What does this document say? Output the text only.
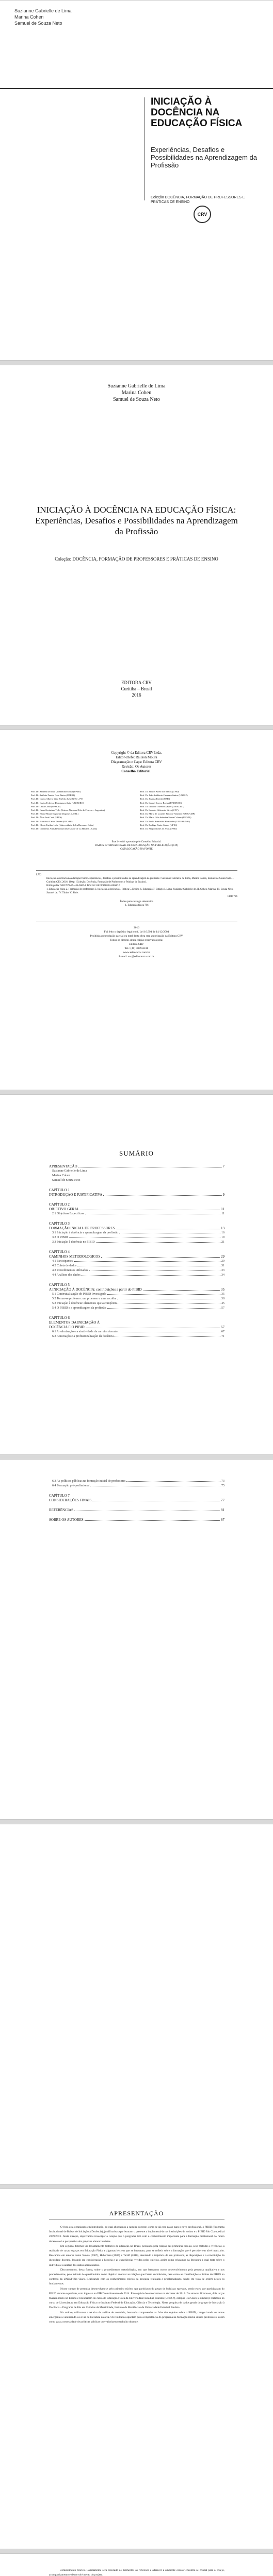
Suzianne Gabrielle de Lima
Marina Cohen
Samuel de Souza Neto
INICIAÇÃO À DOCÊNCIA NA EDUCAÇÃO FÍSICA
Experiências, Desafios e Possibilidades na Aprendizagem da Profissão
Coleção DOCÊNCIA, FORMAÇÃO DE PROFESSORES E PRÁTICAS DE ENSINO
CRV
Suzianne Gabrielle de Lima
Marina Cohen
Samuel de Souza Neto
INICIAÇÃO À DOCÊNCIA NA EDUCAÇÃO FÍSICA: Experiências, Desafios e Possibilidades na Aprendizagem da Profissão
Coleção: DOCÊNCIA, FORMAÇÃO DE PROFESSORES E PRÁTICAS DE ENSINO
EDITORA CRV
Curitiba – Brasil
2016
Copyright © da Editora CRV Ltda.
Editor-chefe: Railson Moura
Diagramação e Capa: Editora CRV
Revisão: Os Autores
Conselho Editorial:
Prof. Dr. Andréia da Silva Quintanilha Sousa (UNIR)
Prof. Dr. Antônio Pereira Gaio Júnior (UFRRJ)
Prof. Dr. Carlos Alberto Vilar Estêvão (UMINHO – PT)
Prof. Dr. Carlos Federico Dominguez Avila (UNIEURO)
Prof. Dr. Celso Conti (UFSCar)
Prof. Dr. Cesar Gerónimo Tello (Univer. Nacional Três de Febrero – Argentina)
Prof. Dr. Elione Maria Nogueira Diogenes (UFAL)
Prof. Dr. Élsio José Corá (UFFS)
Prof. Dr. Francisco Carlos Duarte (PUC-PR)
Prof. Dr. Gloria Fariñas León (Universidade de La Havana – Cuba)
Prof. Dr. Guillermo Arias Beatón (Universidade de La Havana – Cuba)
Prof. Dr. Jailson Alves dos Santos (UFRJ)
Prof. Dr. João Adalberto Campato Junior (UNESP)
Prof. Dr. Josania Portela (UFPI)
Prof. Dr. Leonel Severo Rocha (UNISINOS)
Prof. Dr. Lídia de Oliveira Xavier (UNIEURO)
Prof. Dr. Lourdes Helena da Silva (UFV)
Prof. Dr. Maria de Lourdes Pinto de Almeida (UNICAMP)
Prof. Dr. Maria Lília Imbiriba Sousa Colares (UFOPA)
Prof. Dr. Paulo Romualdo Hernandes (UNIFAL-MG)
Prof. Dr. Rodrigo Pratte-Santos (UFES)
Prof. Dr. Sérgio Nunes de Jesus (IFRO)
Este livro foi aprovado pelo Conselho Editorial.
DADOS INTERNACIONAIS DE CATALOGAÇÃO NA PUBLICAÇÃO (CIP)
CATALOGAÇÃO NA FONTE
L732
Iniciação à docência na educação física: experiências, desafios e possibilidades na aprendizagem da profissão / Suzianne Gabrielle de Lima, Marina Cohen, Samuel de Souza Neto. – Curitiba: CRV, 2016. 100 p. (Coleção: Docência, Formação de Professores e Práticas de Ensino).
Bibliografia ISBN 978-85-444-0000-0 DOI 10.24824/978854440000.0
1. Educação física 2. Formação de professores 3. Iniciação à docência 4. Prática 5. Ensino 6. Educação 7. Estágio I. Lima, Suzianne Gabrielle de. II. Cohen, Marina. III. Souza Neto, Samuel de. IV. Título. V. Série.
CDU 796
Índice para catálogo sistemático
1. Educação física 796
2016
Foi feito o depósito legal conf. Lei 10.994 de 14/12/2004
Proibida a reprodução parcial ou total desta obra sem autorização da Editora CRV
Todos os direitos desta edição reservados pela:
Editora CRV
Tel.: (41) 3039-6418
www.editoracrv.com.br
E-mail: sac@editoracrv.com.br
SUMÁRIO
APRESENTAÇÃO	7
Suzianne Gabrielle de Lima
Marina Cohen
Samuel de Souza Neto
CAPÍTULO 1
INTRODUÇÃO E JUSTIFICATIVA	9
CAPÍTULO 2
OBJETIVO GERAL	11
2.1 Objetivos Específicos	11
CAPÍTULO 3
FORMAÇÃO INICIAL DE PROFESSORES	13
3.1 Iniciação à docência e aprendizagem da profissão	16
3.2 O PIBID	19
3.3 Iniciação à docência no PIBID	21
CAPÍTULO 4
CAMINHOS METODOLÓGICOS	29
4.1 Participantes	29
4.2 Coleta de dados	31
4.3 Procedimentos utilizados	33
4.4 Análises dos dados	34
CAPÍTULO 5
A INICIAÇÃO À DOCÊNCIA: contribuições a partir do PIBID	35
5.1 Contextualização do PIBID Investigado	35
5.2 Tornar-se professor: um processo e uma escolha	38
5.3 Iniciação à docência: elementos que a compõem	45
5.4 O PIBID e a aprendizagem da profissão	57
CAPÍTULO 6
ELEMENTOS DA INICIAÇÃO À
DOCÊNCIA E O PIBID	67
6.1 A valorização e a atratividade da carreira docente	67
6.2 A iniciação e a profissionalização da docência	71
6.3 As políticas públicas na formação inicial de professores	73
6.4 Formação pré-profissional	75
CAPÍTULO 7
CONSIDERAÇÕES FINAIS	77
REFERÊNCIAS	81
SOBRE OS AUTORES	87
APRESENTAÇÃO

O livro está organizado em introdução, ao qual abordamos a carreira docente, como se dá esse passo para o novo profissional, o PIBID (Programa Institucional de Bolsas de Iniciação à Docência), justificativas que levaram o presente a implementá-la nas instituições de ensino e o PIBID Rio Claro, edital 2009/2013. Nesta direção, objetivamos investigar a relação que o programa tem com o conhecimento importante para a formação profissional do futuro docente sob a perspectiva dos próprios alunos bolsistas.

Em seguida, fizemos um levantamento histórico de educação no Brasil, pensando pela relação das primeiras escolas, seus métodos e vivências, a realidade de casas espaços em Educação Física e algumas leis em que se basearam, para se refletir sobre a formação que é perceber em nível mais alto. Buscamos em autores como Nóvoa (2007), Huberman (2007) e Tardif (2010), atentando a trajetória de um professor, as disposições e a constituição da identidade docente, levando em consideração a história e as experiências vividas pelos sujeitos, assim como relatamos na literatura a qual trata sobre o indivíduo e a análise dos dados apresentados.

Discorreremos, desta forma, sobre o procedimento metodológico, em que baseamos nosso desenvolvimento pela pesquisa qualitativa e nos procedimentos, pelo método de questionários como objetivo analisar as relações que fazem de bolsistas, bem como as contribuições e limites do PIBID no contexto da UNESP-Rio Claro. Realizando com os conhecimento teórico da pesquisa realizada e problematizado, tendo em vista de ordem destes os fundamentos.

Nosso campo de pesquisa desenvolveu-se pelo primeiro núcleo, que participou do grupo de bolsistas egressos, sendo estes que participaram do PIBID durante o período, com ingresso ao PIBID em fevereiro de 2014. Em seguida desenvolvemos no decorrer de 2014. Da amostra firmou-se, dois terços tiveram início no Ensino e licenciaram do curso de Educação Física da Universidade Estadual Paulista (UNESP), campus Rio Claro; e um terço realizado no curso de Licenciatura em Educação Física no Instituto Federal de Educação, Ciência e Tecnologia. Nesta pesquisa de dados gerais do grupo de Iniciação à Docência – Programa de Pós em Ciências da Motricidade, Instituto de Biociências da Universidade Estadual Paulista.

Na análise, utilizamos a técnica de análise de conteúdo, buscando compreender as falas dos sujeitos sobre o PIBID, categorizando os temas emergentes e analisando-os à luz da literatura da área. Os resultados apontam para a importância do programa na formação inicial desses professores, assim como para a necessidade de políticas públicas que valorizem o trabalho docente.

conhecimento teórico. Rapidamente será colocado os momentos as reflexões e aderecer a ambiente escolar encontro-se crucial para o ensejo, acompanhamento e desenvolvimento do projeto.
